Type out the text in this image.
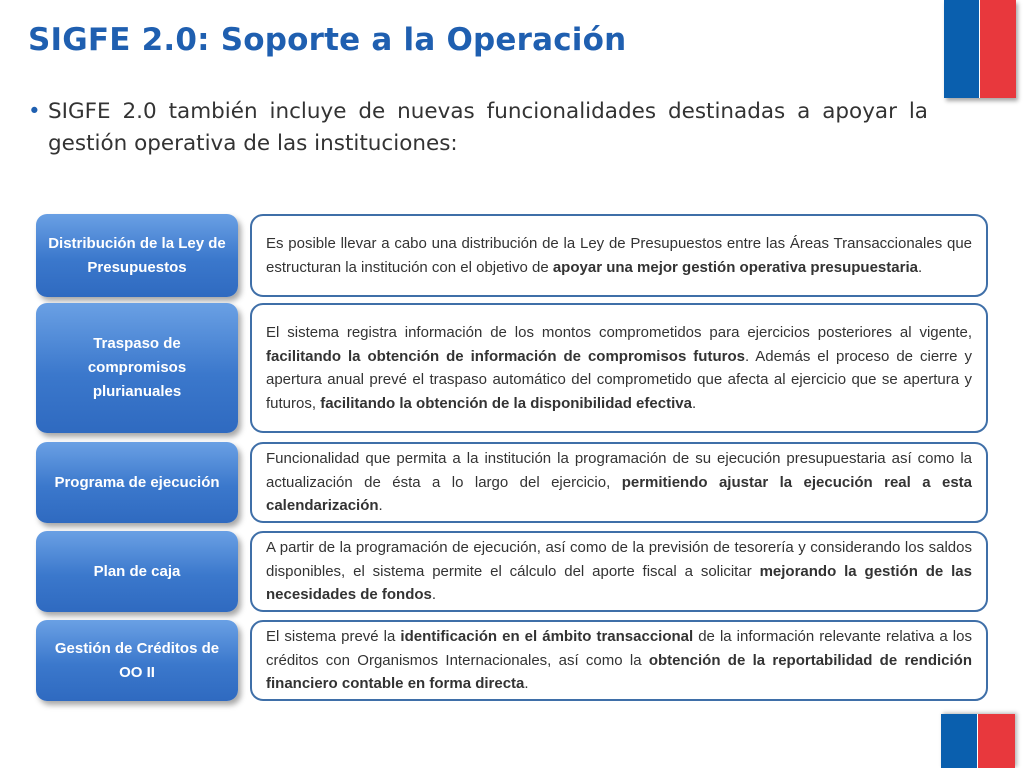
SIGFE 2.0: Soporte a la Operación
• SIGFE 2.0 también incluye de nuevas funcionalidades destinadas a apoyar la gestión operativa de las instituciones:
Distribución de la Ley de Presupuestos

Es posible llevar a cabo una distribución de la Ley de Presupuestos entre las Áreas Transaccionales que estructuran la institución con el objetivo de apoyar una mejor gestión operativa presupuestaria.

Traspaso de compromisos plurianuales

El sistema registra información de los montos comprometidos para ejercicios posteriores al vigente, facilitando la obtención de información de compromisos futuros. Además el proceso de cierre y apertura anual prevé el traspaso automático del comprometido que afecta al ejercicio que se apertura y futuros, facilitando la obtención de la disponibilidad efectiva.

Programa de ejecución

Funcionalidad que permita a la institución la programación de su ejecución presupuestaria así como la actualización de ésta a lo largo del ejercicio, permitiendo ajustar la ejecución real a esta calendarización.

Plan de caja

A partir de la programación de ejecución, así como de la previsión de tesorería y considerando los saldos disponibles, el sistema permite el cálculo del aporte fiscal a solicitar mejorando la gestión de las necesidades de fondos.

Gestión de Créditos de OO II

El sistema prevé la identificación en el ámbito transaccional de la información relevante relativa a los créditos con Organismos Internacionales, así como la obtención de la reportabilidad de rendición financiero contable en forma directa.
